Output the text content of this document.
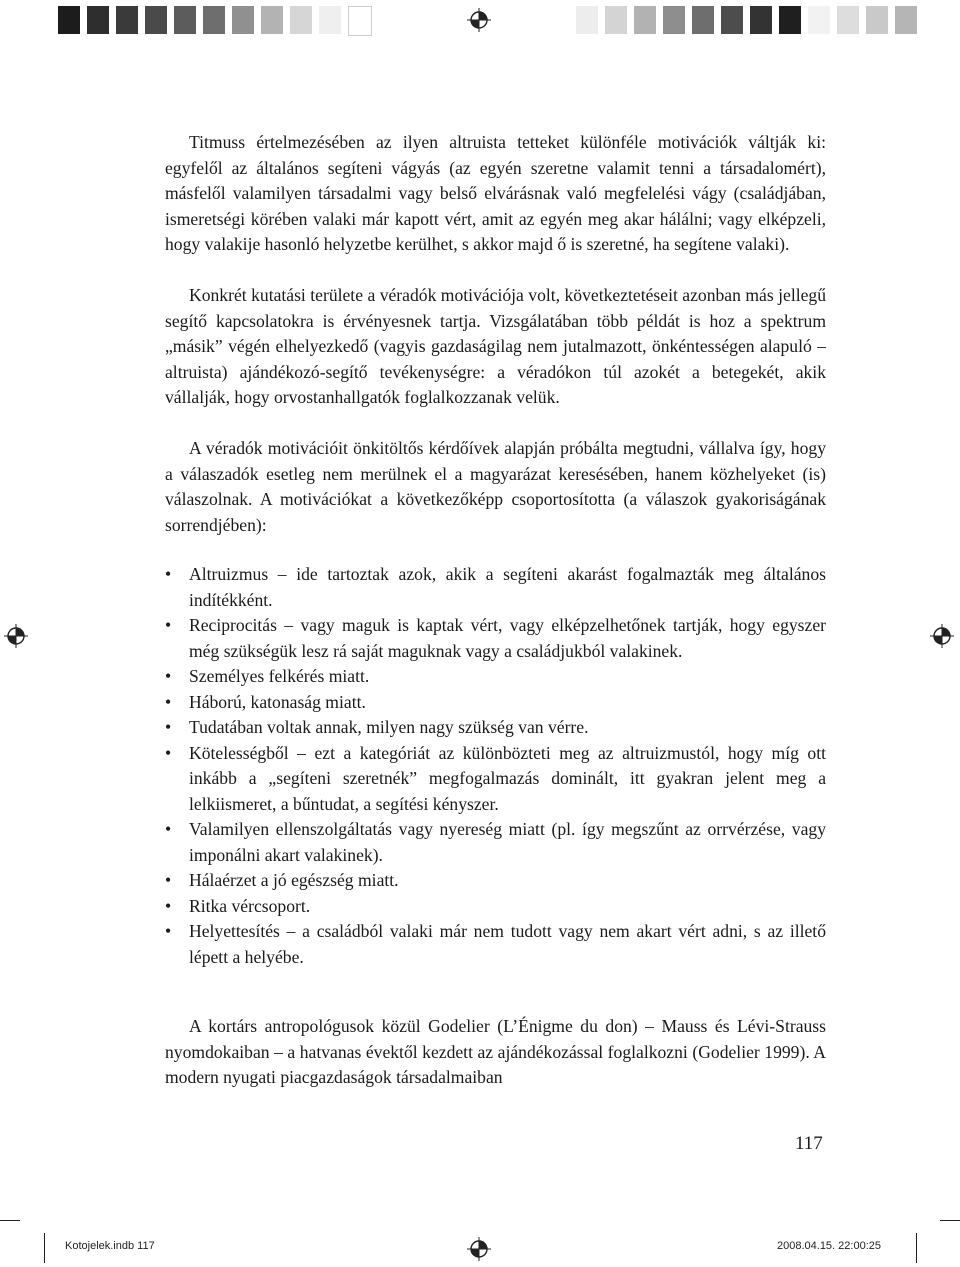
Titmuss értelmezésében az ilyen altruista tetteket különféle motivációk váltják ki: egyfelől az általános segíteni vágyás (az egyén szeretne valamit tenni a társadalomért), másfelől valamilyen társadalmi vagy belső elvárásnak való megfelelési vágy (családjában, ismeretségi körében valaki már kapott vért, amit az egyén meg akar hálálni; vagy elképzeli, hogy valakije hasonló helyzetbe kerülhet, s akkor majd ő is szeretné, ha segítene valaki).

Konkrét kutatási területe a véradók motivációja volt, következtetéseit azonban más jellegű segítő kapcsolatokra is érvényesnek tartja. Vizsgálatában több példát is hoz a spektrum „másik” végén elhelyezkedő (vagyis gazdaságilag nem jutalmazott, önkéntességen alapuló – altruista) ajándékozó-segítő tevékenységre: a véradókon túl azokét a betegekét, akik vállalják, hogy orvostanhallgatók foglalkozzanak velük.

A véradók motivációit önkitöltős kérdőívek alapján próbálta megtudni, vállalva így, hogy a válaszadók esetleg nem merülnek el a magyarázat keresésében, hanem közhelyeket (is) válaszolnak. A motivációkat a következőképp csoportosította (a válaszok gyakoriságának sorrendjében):

• Altruizmus – ide tartoztak azok, akik a segíteni akarást fogalmazták meg általános indítékként.
• Reciprocitás – vagy maguk is kaptak vért, vagy elképzelhetőnek tartják, hogy egyszer még szükségük lesz rá saját maguknak vagy a családjukból valakinek.
• Személyes felkérés miatt.
• Háború, katonaság miatt.
• Tudatában voltak annak, milyen nagy szükség van vérre.
• Kötelességből – ezt a kategóriát az különbözteti meg az altruizmustól, hogy míg ott inkább a „segíteni szeretnék” megfogalmazás dominált, itt gyakran jelent meg a lelkiismeret, a bűntudat, a segítési kényszer.
• Valamilyen ellenszolgáltatás vagy nyereség miatt (pl. így megszűnt az orrvérzése, vagy imponálni akart valakinek).
• Hálaérzet a jó egészség miatt.
• Ritka vércsoport.
• Helyettesítés – a családból valaki már nem tudott vagy nem akart vért adni, s az illető lépett a helyébe.

A kortárs antropológusok közül Godelier (L’Énigme du don) – Mauss és Lévi-Strauss nyomdokaiban – a hatvanas évektől kezdett az ajándékozással foglalkozni (Godelier 1999). A modern nyugati piacgazdaságok társadalmaiban

117
Kotojelek.indb 117	2008.04.15. 22:00:25
